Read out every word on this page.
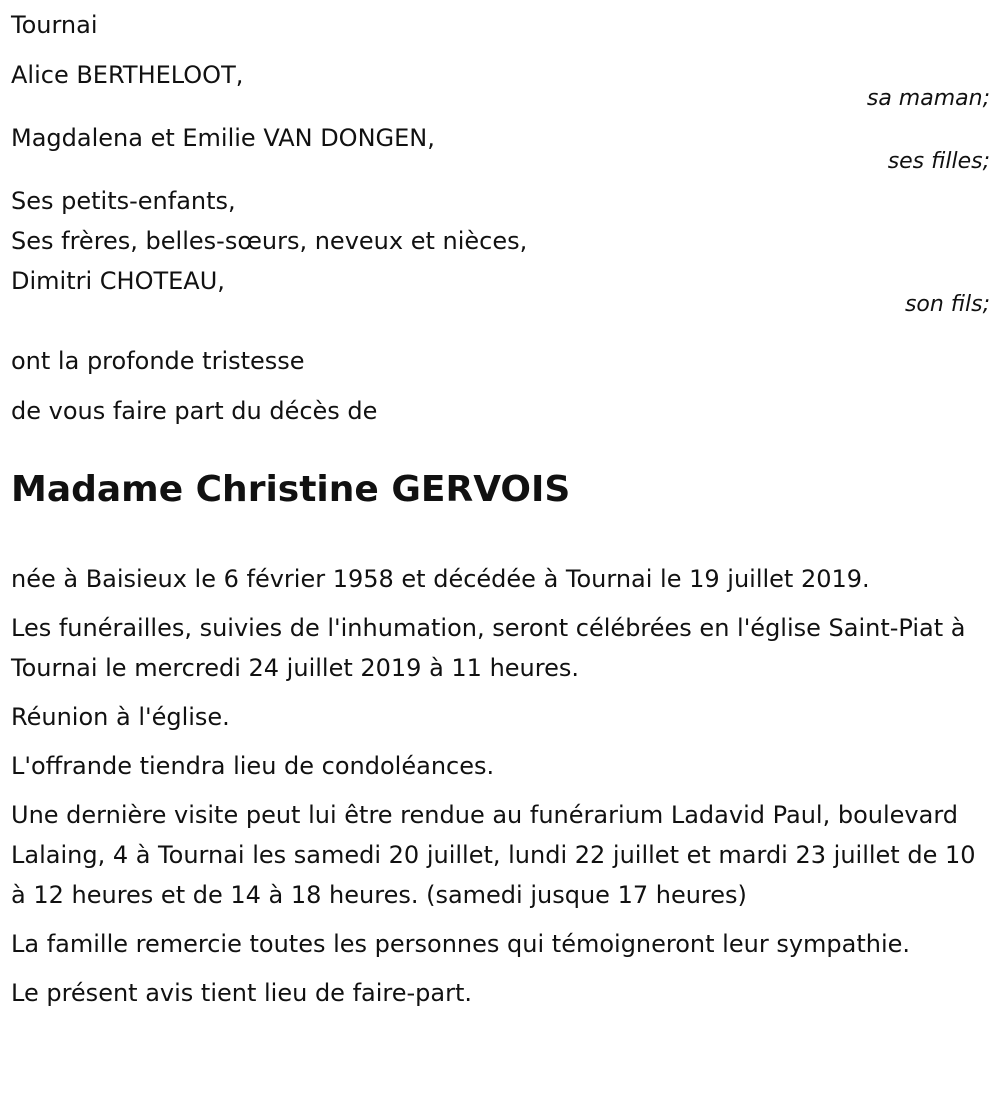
Tournai

Alice BERTHELOOT,

sa maman;

Magdalena et Emilie VAN DONGEN,

ses filles;

Ses petits-enfants,

Ses frères, belles-sœurs, neveux et nièces,

Dimitri CHOTEAU,

son fils;

ont la profonde tristesse

de vous faire part du décès de

Madame Christine GERVOIS

née à Baisieux le 6 février 1958 et décédée à Tournai le 19 juillet 2019.

Les funérailles, suivies de l'inhumation, seront célébrées en l'église Saint-Piat à Tournai le mercredi 24 juillet 2019 à 11 heures.

Réunion à l'église.

L'offrande tiendra lieu de condoléances.

Une dernière visite peut lui être rendue au funérarium Ladavid Paul, boulevard Lalaing, 4 à Tournai les samedi 20 juillet, lundi 22 juillet et mardi 23 juillet de 10 à 12 heures et de 14 à 18 heures. (samedi jusque 17 heures)

La famille remercie toutes les personnes qui témoigneront leur sympathie.

Le présent avis tient lieu de faire-part.
